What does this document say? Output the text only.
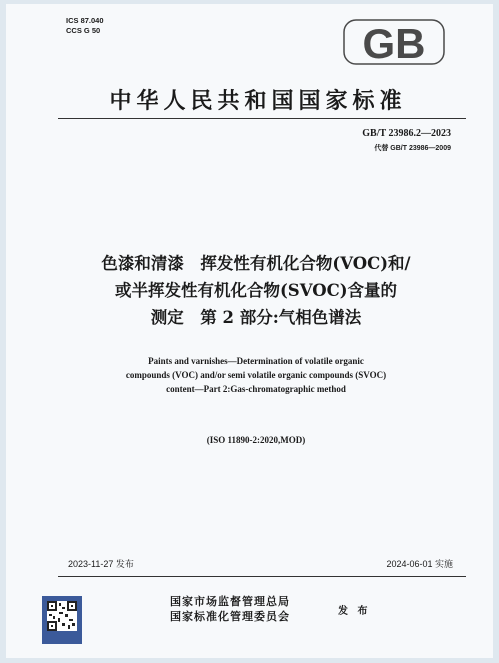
ICS 87.040
CCS G 50	GB
中华人民共和国国家标准
GB/T 23986.2—2023
代替 GB/T 23986—2009
色漆和清漆　挥发性有机化合物(VOC)和/
或半挥发性有机化合物(SVOC)含量的
测定　第 2 部分:气相色谱法
Paints and varnishes—Determination of volatile organic
compounds (VOC) and/or semi volatile organic compounds (SVOC)
content—Part 2:Gas-chromatographic method
(ISO 11890-2:2020,MOD)
2023-11-27 发布	2024-06-01 实施
国家市场监督管理总局
国家标准化管理委员会	发 布
